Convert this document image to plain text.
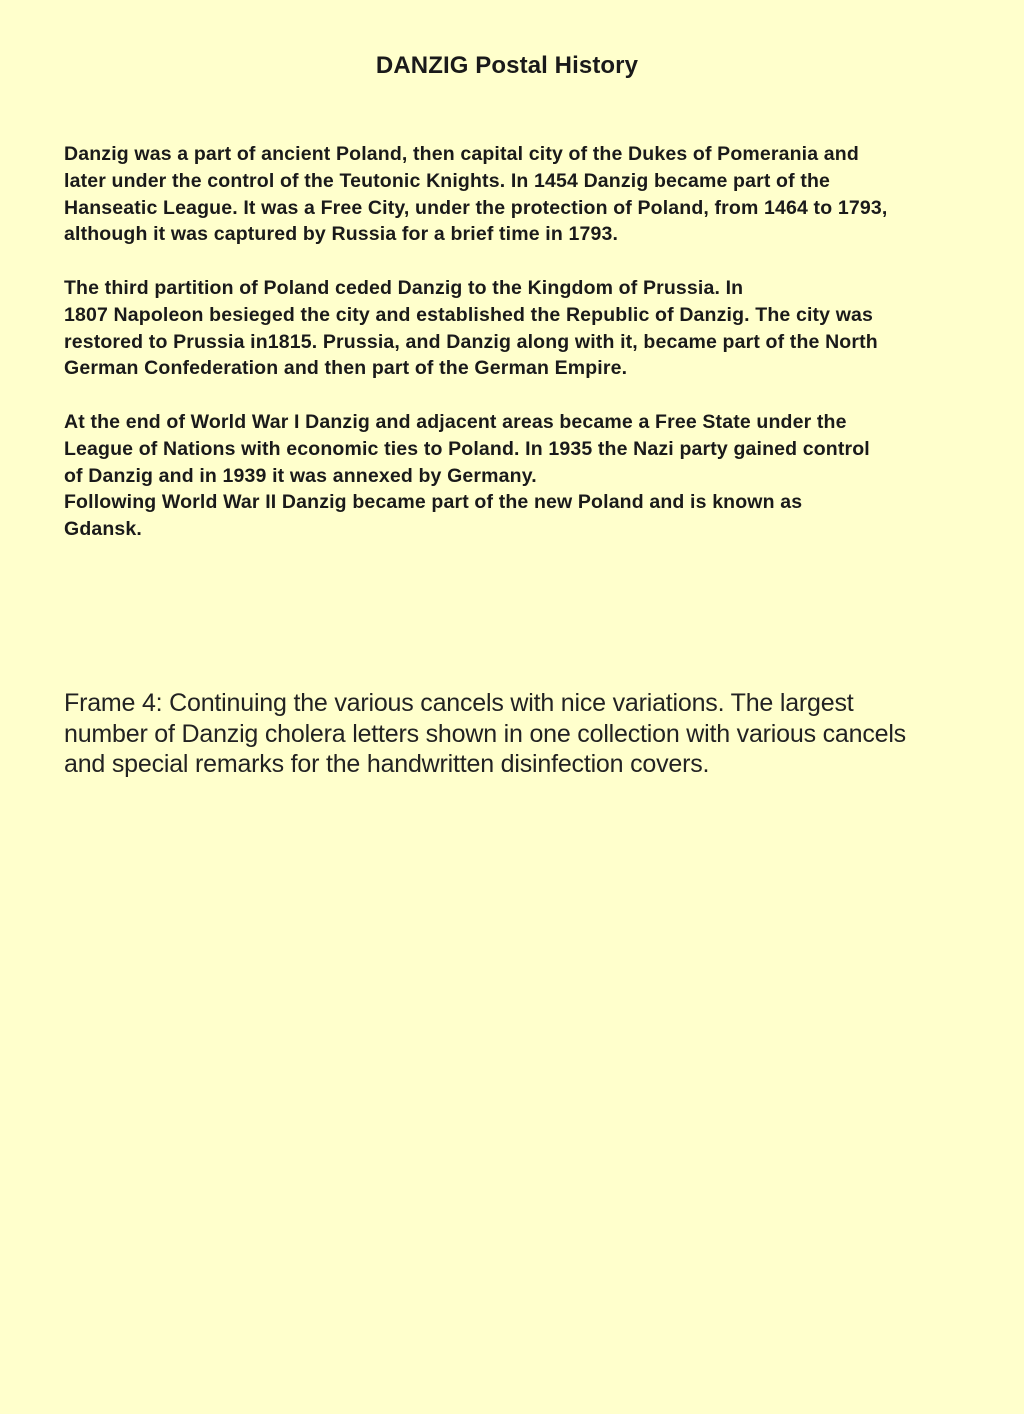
DANZIG Postal History

Danzig was a part of ancient Poland, then capital city of the Dukes of Pomerania and
later under the control of the Teutonic Knights. In 1454 Danzig became part of the
Hanseatic League. It was a Free City, under the protection of Poland, from 1464 to 1793,
although it was captured by Russia for a brief time in 1793.

The third partition of Poland ceded Danzig to the Kingdom of Prussia. In
1807 Napoleon besieged the city and established the Republic of Danzig. The city was
restored to Prussia in1815. Prussia, and Danzig along with it, became part of the North
German Confederation and then part of the German Empire.

At the end of World War I Danzig and adjacent areas became a Free State under the
League of Nations with economic ties to Poland. In 1935 the Nazi party gained control
of Danzig and in 1939 it was annexed by Germany.
Following World War II Danzig became part of the new Poland and is known as
Gdansk.

Frame 4: Continuing the various cancels with nice variations. The largest
number of Danzig cholera letters shown in one collection with various cancels
and special remarks for the handwritten disinfection covers.
